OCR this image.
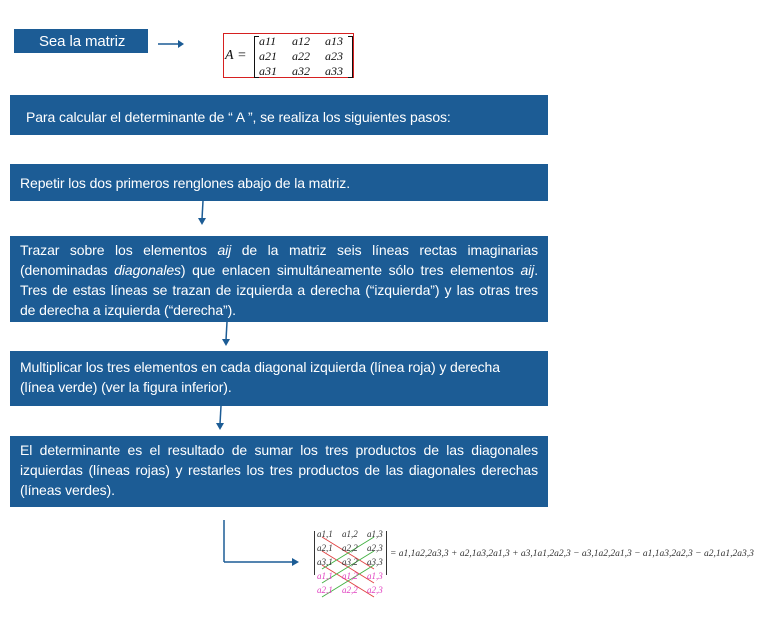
Sea la matriz
A =
a11 a12 a13
a21 a22 a23
a31 a32 a33
Para calcular el determinante de “ A ”, se realiza los siguientes pasos:
Repetir los dos primeros renglones abajo de la matriz.
Trazar sobre los elementos aij de la matriz seis líneas rectas imaginarias (denominadas diagonales) que enlacen simultáneamente sólo tres elementos aij. Tres de estas líneas se trazan de izquierda a derecha (“izquierda”) y las otras tres de derecha a izquierda (“derecha”).
Multiplicar los tres elementos en cada diagonal izquierda (línea roja) y derecha (línea verde) (ver la figura inferior).
El determinante es el resultado de sumar los tres productos de las diagonales izquierdas (líneas rojas) y restarles los tres productos de las diagonales derechas (líneas verdes).
a1,1 a1,2 a1,3
a2,1 a2,2 a2,3
a3,1 a3,2 a3,3
a1,1 a1,2 a1,3
a2,1 a2,2 a2,3
= a1,1a2,2a3,3 + a2,1a3,2a1,3 + a3,1a1,2a2,3 − a3,1a2,2a1,3 − a1,1a3,2a2,3 − a2,1a1,2a3,3
